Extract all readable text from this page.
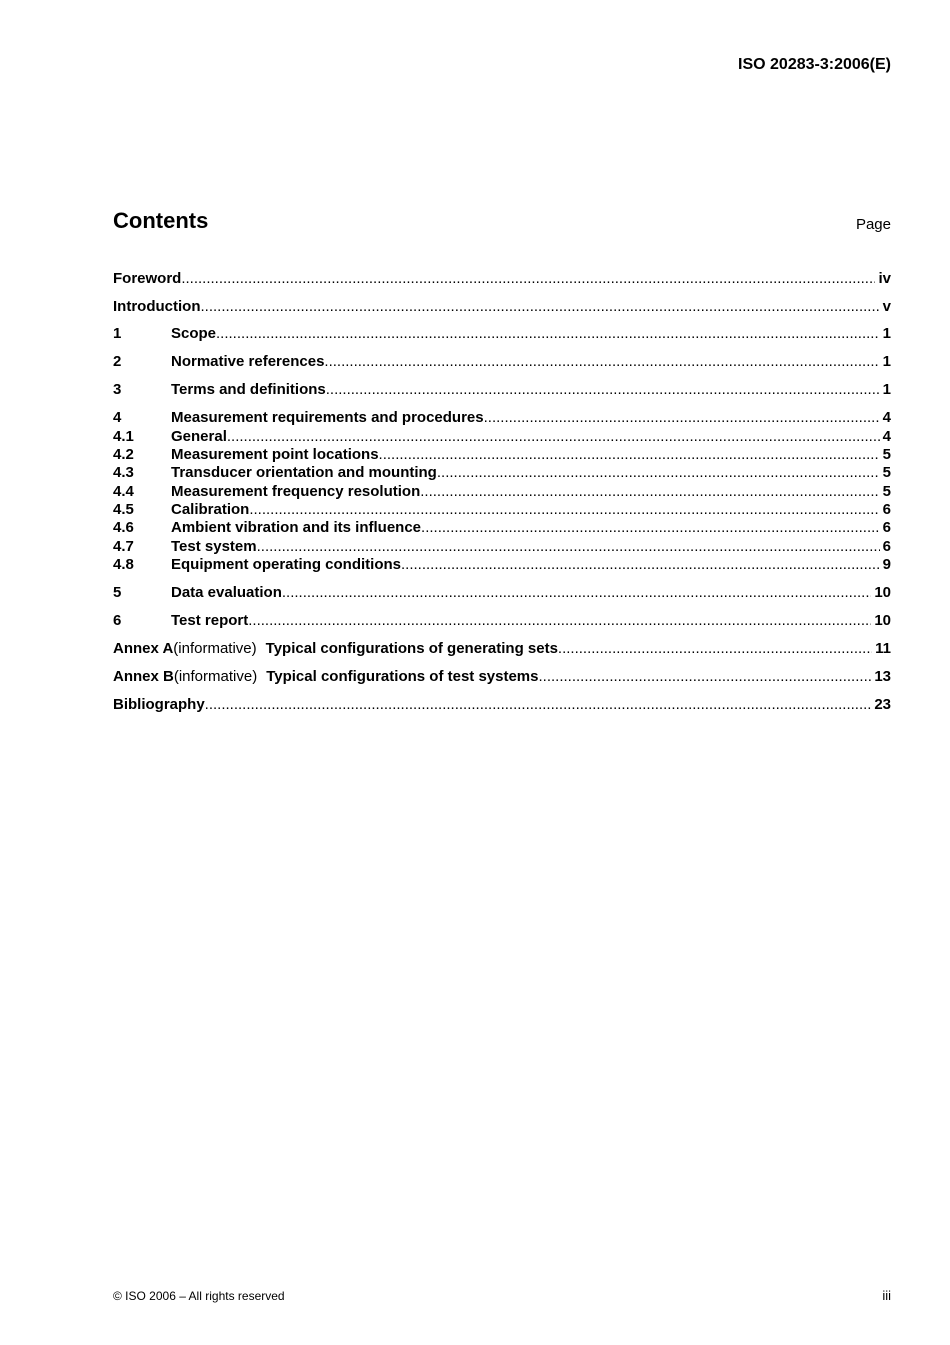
ISO 20283-3:2006(E)
Contents	Page
Foreword .....	iv
Introduction .....	v
1	Scope .....	1
2	Normative references .....	1
3	Terms and definitions .....	1
4	Measurement requirements and procedures .....	4
4.1	General .....	4
4.2	Measurement point locations .....	5
4.3	Transducer orientation and mounting .....	5
4.4	Measurement frequency resolution .....	5
4.5	Calibration .....	6
4.6	Ambient vibration and its influence .....	6
4.7	Test system .....	6
4.8	Equipment operating conditions .....	9
5	Data evaluation .....	10
6	Test report .....	10
Annex A (informative) Typical configurations of generating sets .....	11
Annex B (informative) Typical configurations of test systems .....	13
Bibliography .....	23
© ISO 2006 – All rights reserved	iii
